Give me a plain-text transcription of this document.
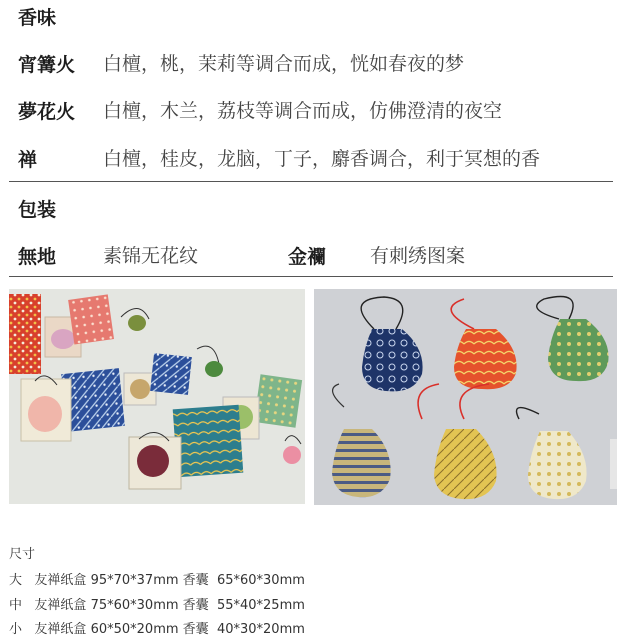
香味
宵篝火 白檀，桃，茉莉等调合而成，恍如春夜的梦
夢花火 白檀，木兰，荔枝等调合而成，仿佛澄清的夜空
禅	白檀，桂皮，龙脑，丁子，麝香调合，利于冥想的香
包装
無地 素锦无花纹	金襴 有刺绣图案
尺寸
大 友禅纸盒 95*70*37mm 香囊 65*60*30mm
中 友禅纸盒 75*60*30mm 香囊 55*40*25mm
小 友禅纸盒 60*50*20mm 香囊 40*30*20mm
